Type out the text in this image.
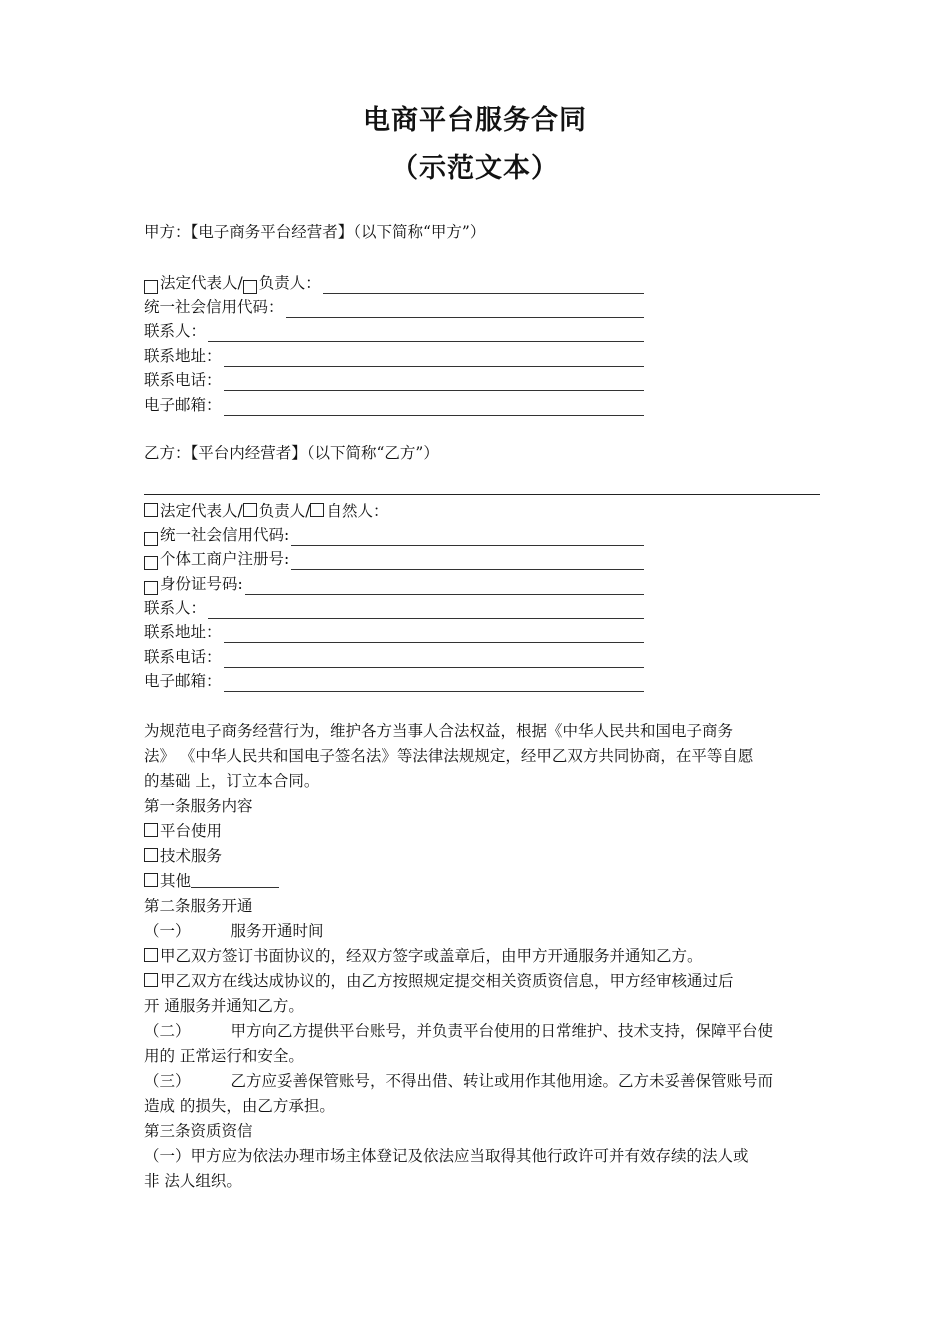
电商平台服务合同
（示范文本）
甲方：【电子商务平台经营者】（以下简称“甲方”）
法定代表人/ 负责人：
统一社会信用代码：
联系人：
联系地址：
联系电话：
电子邮箱：
乙方：【平台内经营者】（以下简称“乙方”）
法定代表人/ 负责人/ 自然人：
统一社会信用代码:
个体工商户注册号:
身份证号码:
联系人：
联系地址：
联系电话：
电子邮箱：
为规范电子商务经营行为，维护各方当事人合法权益，根据《中华人民共和国电子商务
法》 《中华人民共和国电子签名法》等法律法规规定，经甲乙双方共同协商，在平等自愿
的基础 上，订立本合同。
第一条服务内容
平台使用
技术服务
其他
第二条服务开通
（一）	服务开通时间
甲乙双方签订书面协议的，经双方签字或盖章后，由甲方开通服务并通知乙方。
甲乙双方在线达成协议的，由乙方按照规定提交相关资质资信息，甲方经审核通过后
开 通服务并通知乙方。
（二）	甲方向乙方提供平台账号，并负责平台使用的日常维护、技术支持，保障平台使
用的 正常运行和安全。
（三）	乙方应妥善保管账号，不得出借、转让或用作其他用途。乙方未妥善保管账号而
造成 的损失，由乙方承担。
第三条资质资信
（一）甲方应为依法办理市场主体登记及依法应当取得其他行政许可并有效存续的法人或
非 法人组织。
